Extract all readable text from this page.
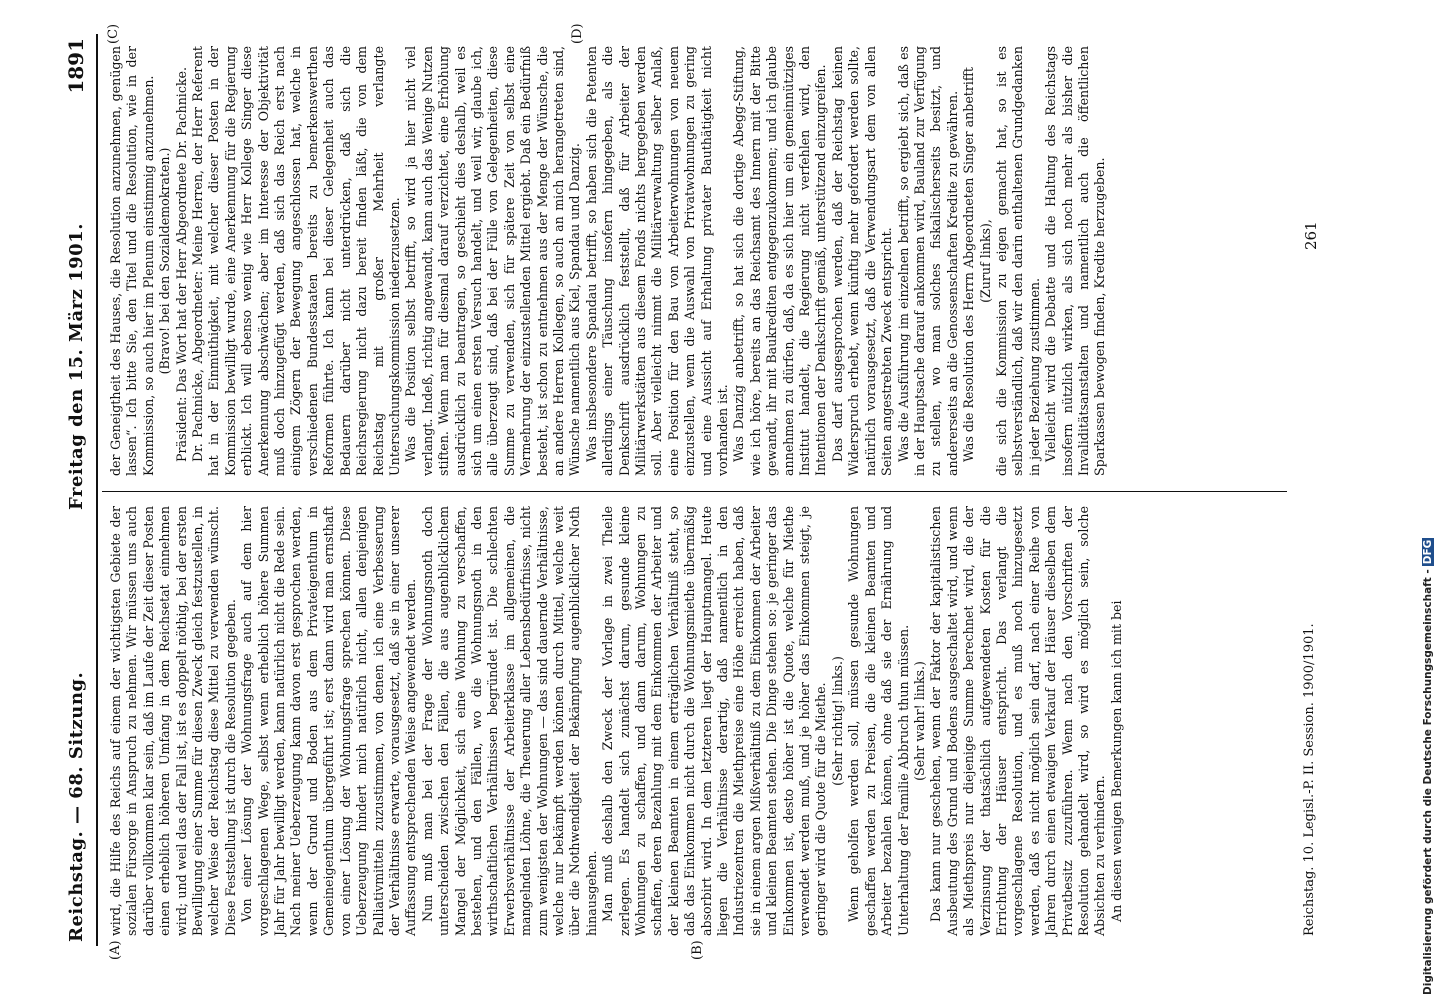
Reichstag. — 68. Sitzung.
Freitag den 15. März 1901.
1891
(A)	(B)
(C)	(D)

wird, die Hilfe des Reichs auf einem der wichtigsten Gebiete der sozialen Fürsorge in Anspruch zu nehmen. Wir müssen uns auch darüber vollkommen klar sein, daß im Laufe der Zeit dieser Posten einen erheblich höheren Umfang in dem Reichsetat einnehmen wird; und weil das der Fall ist, ist es doppelt nöthig, bei der ersten Bewilligung einer Summe für diesen Zweck gleich festzustellen, in welcher Weise der Reichstag diese Mittel zu verwenden wünscht. Diese Feststellung ist durch die Resolution gegeben. Von einer Lösung der Wohnungsfrage auch auf dem hier vorgeschlagenen Wege, selbst wenn erheblich höhere Summen Jahr für Jahr bewilligt werden, kann natürlich nicht die Rede sein. Nach meiner Ueberzeugung kann davon erst gesprochen werden, wenn der Grund und Boden aus dem Privateigenthum in Gemeineigenthum übergeführt ist; erst dann wird man ernsthaft von einer Lösung der Wohnungsfrage sprechen können. Diese Ueberzeugung hindert mich natürlich nicht, allen denjenigen Palliativmitteln zuzustimmen, von denen ich eine Verbesserung der Verhältnisse erwarte, vorausgesetzt, daß sie in einer unserer Auffassung entsprechenden Weise angewendet werden. Nun muß man bei der Frage der Wohnungsnoth doch unterscheiden zwischen den Fällen, die aus augenblicklichem Mangel der Möglichkeit, sich eine Wohnung zu verschaffen, bestehen, und den Fällen, wo die Wohnungsnoth in den wirthschaftlichen Verhältnissen begründet ist. Die schlechten Erwerbsverhältnisse der Arbeiterklasse im allgemeinen, die mangelnden Löhne, die Theuerung aller Lebensbedürfnisse, nicht zum wenigsten der Wohnungen — das sind dauernde Verhältnisse, welche nur bekämpft werden können durch Mittel, welche weit über die Nothwendigkeit der Bekämpfung augenblicklicher Noth hinausgehen. Man muß deshalb den Zweck der Vorlage in zwei Theile zerlegen. Es handelt sich zunächst darum, gesunde kleine Wohnungen zu schaffen, und dann darum, Wohnungen zu schaffen, deren Bezahlung mit dem Einkommen der Arbeiter und der kleinen Beamten in einem erträglichen Verhältniß steht, so daß das Einkommen nicht durch die Wohnungsmiethe übermäßig absorbirt wird. In dem letzteren liegt der Hauptmangel. Heute liegen die Verhältnisse derartig, daß namentlich in den Industriezentren die Miethpreise eine Höhe erreicht haben, daß sie in einem argen Mißverhältniß zu dem Einkommen der Arbeiter und kleinen Beamten stehen. Die Dinge stehen so: je geringer das Einkommen ist, desto höher ist die Quote, welche für Miethe verwendet werden muß, und je höher das Einkommen steigt, je geringer wird die Quote für die Miethe. (Sehr richtig! links.) Wenn geholfen werden soll, müssen gesunde Wohnungen geschaffen werden zu Preisen, die die kleinen Beamten und Arbeiter bezahlen können, ohne daß sie der Ernährung und Unterhaltung der Familie Abbruch thun müssen. (Sehr wahr! links.) Das kann nur geschehen, wenn der Faktor der kapitalistischen Ausbeutung des Grund und Bodens ausgeschaltet wird, und wenn als Miethspreis nur diejenige Summe berechnet wird, die der Verzinsung der thatsächlich aufgewendeten Kosten für die Errichtung der Häuser entspricht. Das verlangt die vorgeschlagene Resolution, und es muß noch hinzugesetzt werden, daß es nicht möglich sein darf, nach einer Reihe von Jahren durch einen etwaigen Verkauf der Häuser dieselben dem Privatbesitz zuzuführen. Wenn nach den Vorschriften der Resolution gehandelt wird, so wird es möglich sein, solche Absichten zu verhindern. An diesen wenigen Bemerkungen kann ich mit bei

der Geneigtheit des Hauses, die Resolution anzunehmen, genügen lassen“. Ich bitte Sie, den Titel und die Resolution, wie in der Kommission, so auch hier im Plenum einstimmig anzunehmen. (Bravo! bei den Sozialdemokraten.) Präsident: Das Wort hat der Herr Abgeordnete Dr. Pachnicke. Dr. Pachnicke, Abgeordneter: Meine Herren, der Herr Referent hat in der Einmüthigkeit, mit welcher dieser Posten in der Kommission bewilligt wurde, eine Anerkennung für die Regierung erblickt. Ich will ebenso wenig wie Herr Kollege Singer diese Anerkennung abschwächen; aber im Interesse der Objektivität muß doch hinzugefügt werden, daß sich das Reich erst nach einigem Zögern der Bewegung angeschlossen hat, welche in verschiedenen Bundesstaaten bereits zu bemerkenswerthen Reformen führte. Ich kann bei dieser Gelegenheit auch das Bedauern darüber nicht unterdrücken, daß sich die Reichsregierung nicht dazu bereit finden läßt, die von dem Reichstag mit großer Mehrheit verlangte Untersuchungskommission niederzusetzen. Was die Position selbst betrifft, so wird ja hier nicht viel verlangt. Indeß, richtig angewandt, kann auch das Wenige Nutzen stiften. Wenn man für diesmal darauf verzichtet, eine Erhöhung ausdrücklich zu beantragen, so geschieht dies deshalb, weil es sich um einen ersten Versuch handelt, und weil wir, glaube ich, alle überzeugt sind, daß bei der Fülle von Gelegenheiten, diese Summe zu verwenden, sich für spätere Zeit von selbst eine Vermehrung der einzustellenden Mittel ergiebt. Daß ein Bedürfniß besteht, ist schon zu entnehmen aus der Menge der Wünsche, die an andere Herren Kollegen, so auch an mich herangetreten sind, Wünsche namentlich aus Kiel, Spandau und Danzig. Was insbesondere Spandau betrifft, so haben sich die Petenten allerdings einer Täuschung insofern hingegeben, als die Denkschrift ausdrücklich feststellt, daß für Arbeiter der Militärwerkstätten aus diesem Fonds nichts hergegeben werden soll. Aber vielleicht nimmt die Militärverwaltung selber Anlaß, eine Position für den Bau von Arbeiterwohnungen von neuem einzustellen, wenn die Auswahl von Privatwohnungen zu gering und eine Aussicht auf Erhaltung privater Bauthätigkeit nicht vorhanden ist. Was Danzig anbetrifft, so hat sich die dortige Abegg-Stiftung, wie ich höre, bereits an das Reichsamt des Innern mit der Bitte gewandt, ihr mit Baukrediten entgegenzukommen; und ich glaube annehmen zu dürfen, daß, da es sich hier um ein gemeinnütziges Institut handelt, die Regierung nicht verfehlen wird, den Intentionen der Denkschrift gemäß, unterstützend einzugreifen. Das darf ausgesprochen werden, daß der Reichstag keinen Widerspruch erhebt, wenn künftig mehr gefordert werden sollte, natürlich vorausgesetzt, daß die Verwendungsart dem von allen Seiten angestrebten Zweck entspricht. Was die Ausführung im einzelnen betrifft, so ergiebt sich, daß es in der Hauptsache darauf ankommen wird, Bauland zur Verfügung zu stellen, wo man solches fiskalischerseits besitzt, und andererseits an die Genossenschaften Kredite zu gewähren. Was die Resolution des Herrn Abgeordneten Singer anbetrifft (Zuruf links), die sich die Kommission zu eigen gemacht hat, so ist es selbstverständlich, daß wir den darin enthaltenen Grundgedanken in jeder Beziehung zustimmen. Vielleicht wird die Debatte und die Haltung des Reichstags insofern nützlich wirken, als sich noch mehr als bisher die Invaliditätsanstalten und namentlich auch die öffentlichen Sparkassen bewogen finden, Kredite herzugeben.

Reichstag. 10. Legisl.-P. II. Session. 1900/1901.
261
Digitalisierung gefördert durch die Deutsche Forschungsgemeinschaft -DFG
